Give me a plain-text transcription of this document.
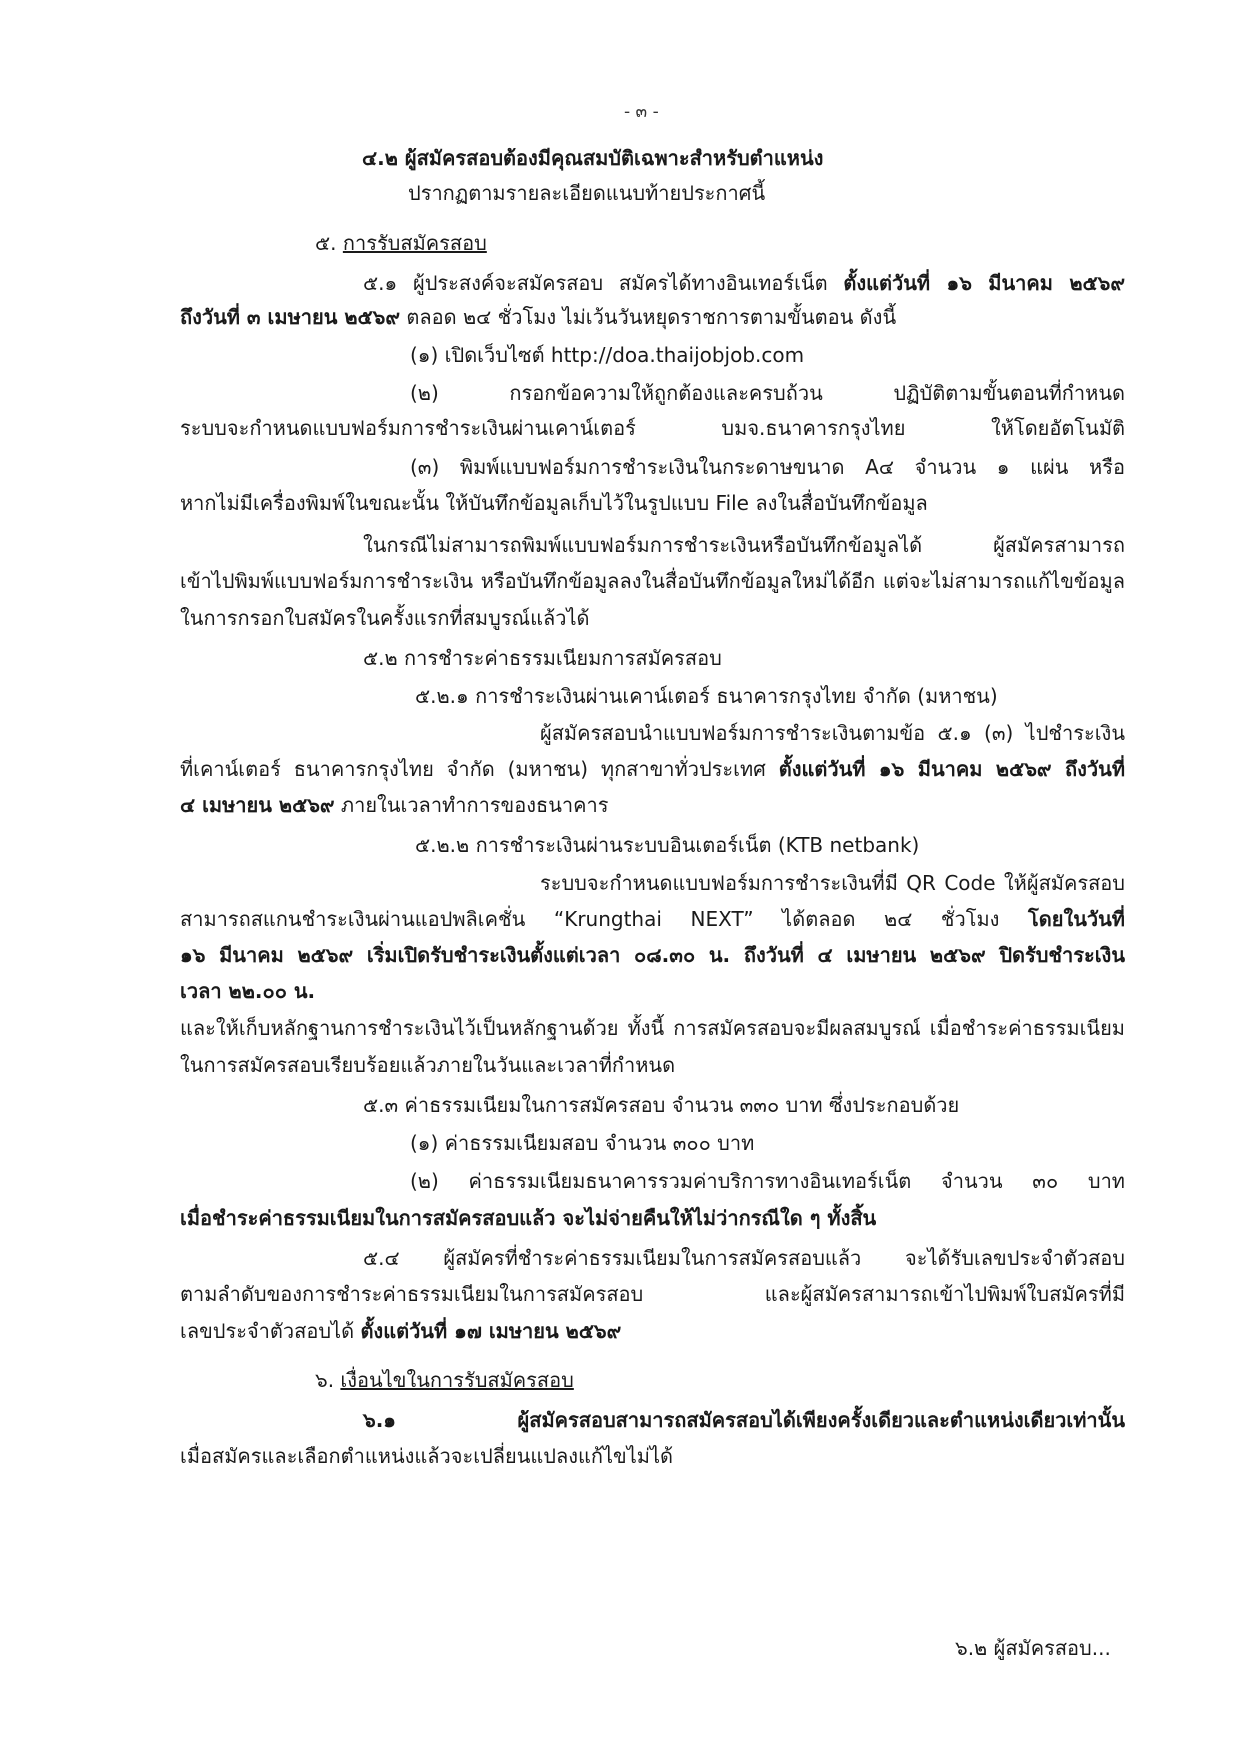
- ๓ -
๔.๒ ผู้สมัครสอบต้องมีคุณสมบัติเฉพาะสำหรับตำแหน่ง
ปรากฏตามรายละเอียดแนบท้ายประกาศนี้
๕. การรับสมัครสอบ
๕.๑ ผู้ประสงค์จะสมัครสอบ สมัครได้ทางอินเทอร์เน็ต ตั้งแต่วันที่ ๑๖ มีนาคม ๒๕๖๙
ถึงวันที่ ๓ เมษายน ๒๕๖๙ ตลอด ๒๔ ชั่วโมง ไม่เว้นวันหยุดราชการตามขั้นตอน ดังนี้
(๑) เปิดเว็บไซต์ http://doa.thaijobjob.com
(๒) กรอกข้อความให้ถูกต้องและครบถ้วน ปฏิบัติตามขั้นตอนที่กำหนด
ระบบจะกำหนดแบบฟอร์มการชำระเงินผ่านเคาน์เตอร์ บมจ.ธนาคารกรุงไทย ให้โดยอัตโนมัติ
(๓) พิมพ์แบบฟอร์มการชำระเงินในกระดาษขนาด A๔ จำนวน ๑ แผ่น หรือ
หากไม่มีเครื่องพิมพ์ในขณะนั้น ให้บันทึกข้อมูลเก็บไว้ในรูปแบบ File ลงในสื่อบันทึกข้อมูล
ในกรณีไม่สามารถพิมพ์แบบฟอร์มการชำระเงินหรือบันทึกข้อมูลได้ ผู้สมัครสามารถ
เข้าไปพิมพ์แบบฟอร์มการชำระเงิน หรือบันทึกข้อมูลลงในสื่อบันทึกข้อมูลใหม่ได้อีก แต่จะไม่สามารถแก้ไขข้อมูล
ในการกรอกใบสมัครในครั้งแรกที่สมบูรณ์แล้วได้
๕.๒ การชำระค่าธรรมเนียมการสมัครสอบ
๕.๒.๑ การชำระเงินผ่านเคาน์เตอร์ ธนาคารกรุงไทย จำกัด (มหาชน)
ผู้สมัครสอบนำแบบฟอร์มการชำระเงินตามข้อ ๕.๑ (๓) ไปชำระเงิน
ที่เคาน์เตอร์ ธนาคารกรุงไทย จำกัด (มหาชน) ทุกสาขาทั่วประเทศ ตั้งแต่วันที่ ๑๖ มีนาคม ๒๕๖๙ ถึงวันที่
๔ เมษายน ๒๕๖๙ ภายในเวลาทำการของธนาคาร
๕.๒.๒ การชำระเงินผ่านระบบอินเตอร์เน็ต (KTB netbank)
ระบบจะกำหนดแบบฟอร์มการชำระเงินที่มี QR Code ให้ผู้สมัครสอบ
สามารถสแกนชำระเงินผ่านแอปพลิเคชั่น “Krungthai NEXT” ได้ตลอด ๒๔ ชั่วโมง โดยในวันที่
๑๖ มีนาคม ๒๕๖๙ เริ่มเปิดรับชำระเงินตั้งแต่เวลา ๐๘.๓๐ น. ถึงวันที่ ๔ เมษายน ๒๕๖๙ ปิดรับชำระเงิน
เวลา ๒๒.๐๐ น.
และให้เก็บหลักฐานการชำระเงินไว้เป็นหลักฐานด้วย ทั้งนี้ การสมัครสอบจะมีผลสมบูรณ์ เมื่อชำระค่าธรรมเนียม
ในการสมัครสอบเรียบร้อยแล้วภายในวันและเวลาที่กำหนด
๕.๓ ค่าธรรมเนียมในการสมัครสอบ จำนวน ๓๓๐ บาท ซึ่งประกอบด้วย
(๑) ค่าธรรมเนียมสอบ จำนวน ๓๐๐ บาท
(๒) ค่าธรรมเนียมธนาคารรวมค่าบริการทางอินเทอร์เน็ต จำนวน ๓๐ บาท
เมื่อชำระค่าธรรมเนียมในการสมัครสอบแล้ว จะไม่จ่ายคืนให้ไม่ว่ากรณีใด ๆ ทั้งสิ้น
๕.๔ ผู้สมัครที่ชำระค่าธรรมเนียมในการสมัครสอบแล้ว จะได้รับเลขประจำตัวสอบ
ตามลำดับของการชำระค่าธรรมเนียมในการสมัครสอบ และผู้สมัครสามารถเข้าไปพิมพ์ใบสมัครที่มี
เลขประจำตัวสอบได้ ตั้งแต่วันที่ ๑๗ เมษายน ๒๕๖๙
๖. เงื่อนไขในการรับสมัครสอบ
๖.๑ ผู้สมัครสอบสามารถสมัครสอบได้เพียงครั้งเดียวและตำแหน่งเดียวเท่านั้น
เมื่อสมัครและเลือกตำแหน่งแล้วจะเปลี่ยนแปลงแก้ไขไม่ได้
๖.๒ ผู้สมัครสอบ...
